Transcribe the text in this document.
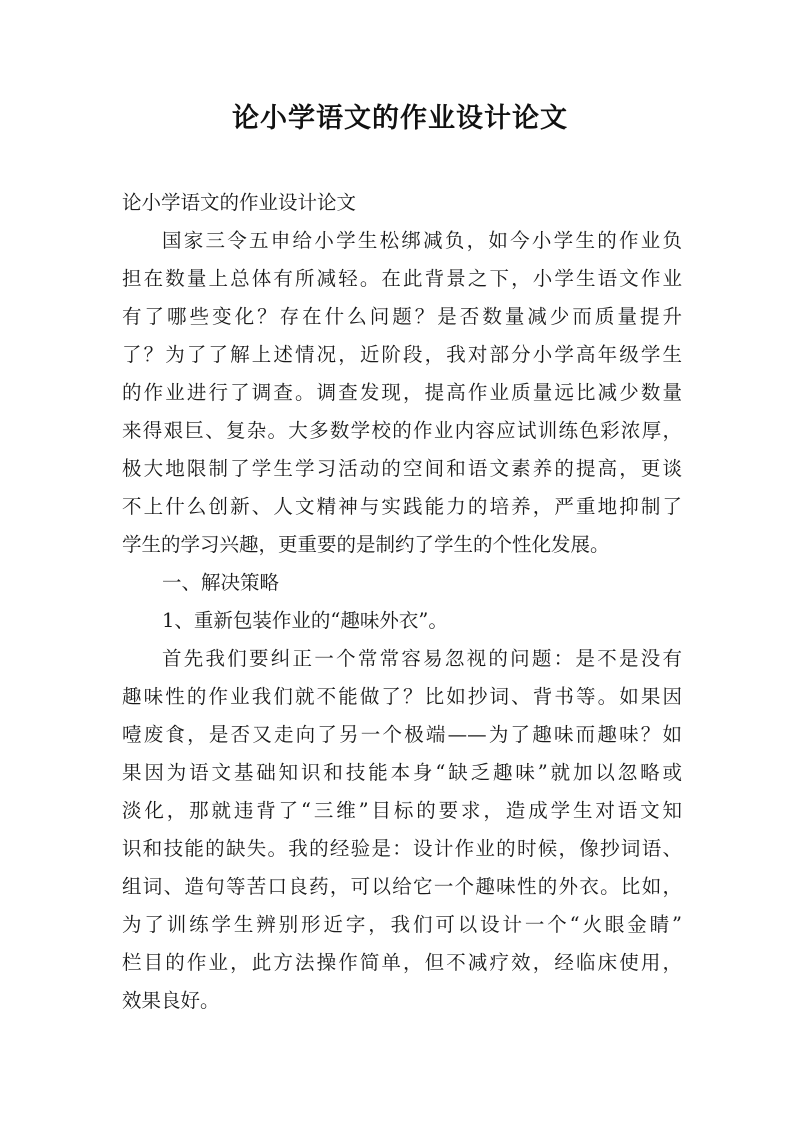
论小学语文的作业设计论文
论小学语文的作业设计论文
国家三令五申给小学生松绑减负，如今小学生的作业负
担在数量上总体有所减轻。在此背景之下，小学生语文作业
有了哪些变化？存在什么问题？是否数量减少而质量提升
了？为了了解上述情况，近阶段，我对部分小学高年级学生
的作业进行了调查。调查发现，提高作业质量远比减少数量
来得艰巨、复杂。大多数学校的作业内容应试训练色彩浓厚，
极大地限制了学生学习活动的空间和语文素养的提高，更谈
不上什么创新、人文精神与实践能力的培养，严重地抑制了
学生的学习兴趣，更重要的是制约了学生的个性化发展。
一、解决策略
1、重新包装作业的“趣味外衣”。
首先我们要纠正一个常常容易忽视的问题：是不是没有
趣味性的作业我们就不能做了？比如抄词、背书等。如果因
噎废食，是否又走向了另一个极端——为了趣味而趣味？如
果因为语文基础知识和技能本身“缺乏趣味”就加以忽略或
淡化，那就违背了“三维”目标的要求，造成学生对语文知
识和技能的缺失。我的经验是：设计作业的时候，像抄词语、
组词、造句等苦口良药，可以给它一个趣味性的外衣。比如，
为了训练学生辨别形近字，我们可以设计一个“火眼金睛”
栏目的作业，此方法操作简单，但不减疗效，经临床使用，
效果良好。
